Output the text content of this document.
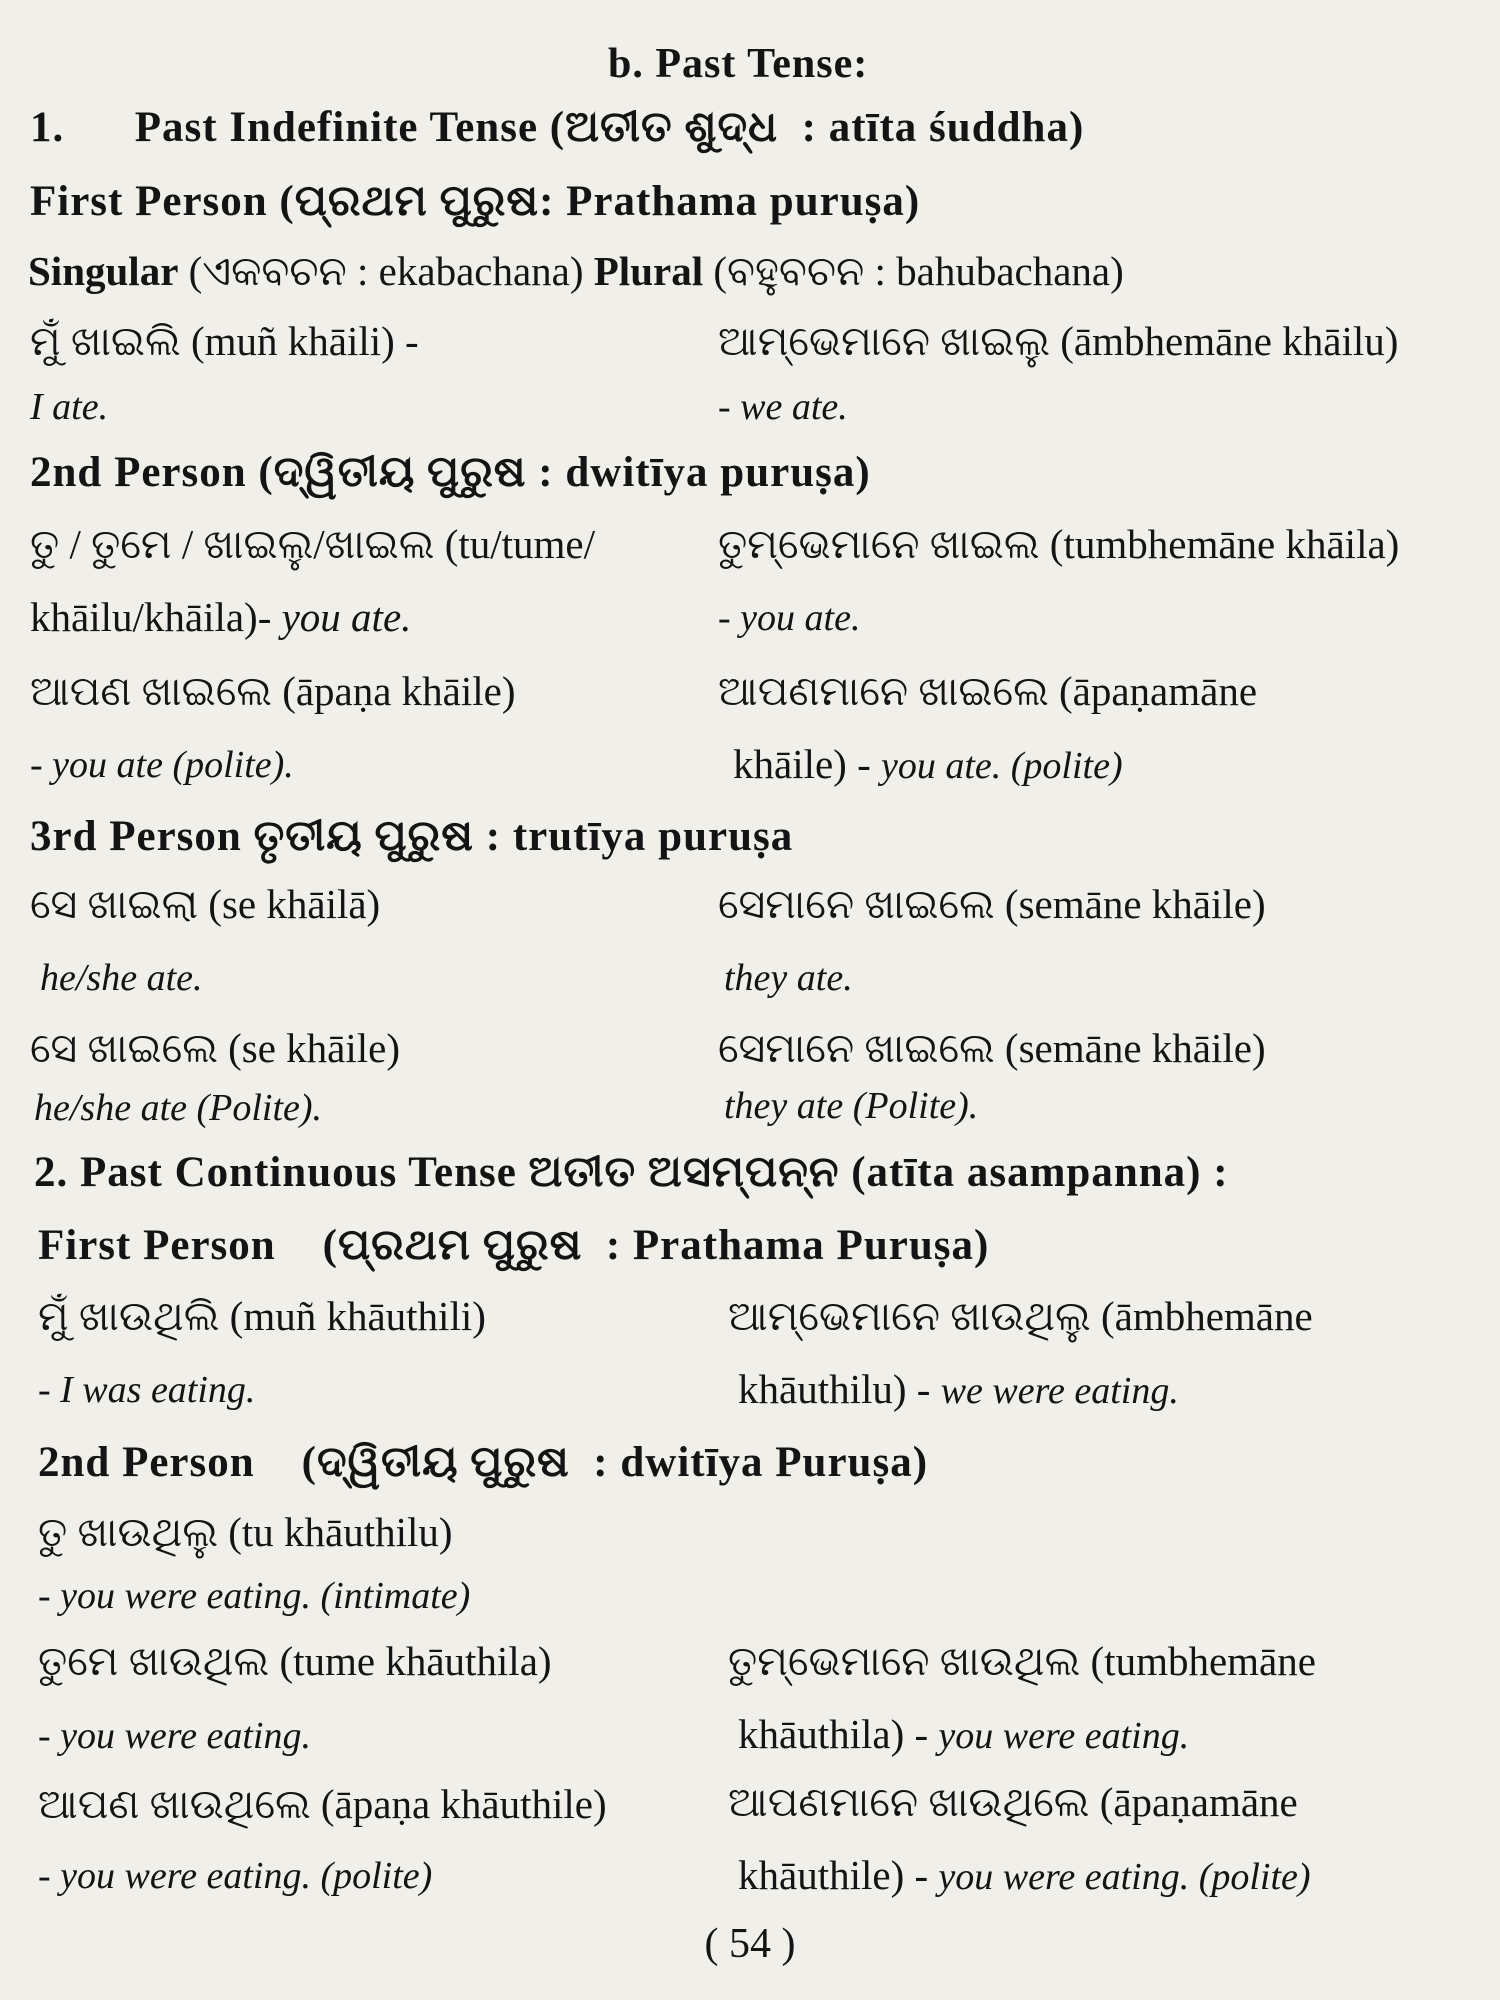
b. Past Tense:
1.      Past Indefinite Tense (ଅତୀତ ଶୁଦ୍ଧ  : atīta śuddha)
First Person (ପ୍ରଥମ ପୁରୁଷ: Prathama puruṣa)
Singular (ଏକବଚନ : ekabachana) Plural (ବହୁବଚନ : bahubachana)
ମୁଁ ଖାଇଲି (muñ khāili) -	ଆମ୍ଭେମାନେ ଖାଇଲୁ (āmbhemāne khāilu)
I ate.	- we ate.
2nd Person (ଦ୍ୱିତୀୟ ପୁରୁଷ : dwitīya puruṣa)
ତୁ / ତୁମେ / ଖାଇଲୁ/ଖାଇଲ (tu/tume/	ତୁମ୍ଭେମାନେ ଖାଇଲ (tumbhemāne khāila)
khāilu/khāila)- you ate.	- you ate.
ଆପଣ ଖାଇଲେ (āpaṇa khāile)	ଆପଣମାନେ ଖାଇଲେ (āpaṇamāne
- you ate (polite).	khāile) - you ate. (polite)
3rd Person ତୃତୀୟ ପୁରୁଷ : trutīya puruṣa
ସେ ଖାଇଲା (se khāilā)	ସେମାନେ ଖାଇଲେ (semāne khāile)
he/she ate.	they ate.
ସେ ଖାଇଲେ (se khāile)	ସେମାନେ ଖାଇଲେ (semāne khāile)
he/she ate (Polite).	they ate (Polite).
2. Past Continuous Tense ଅତୀତ ଅସମ୍ପନ୍ନ (atīta asampanna) :
First Person    (ପ୍ରଥମ ପୁରୁଷ  : Prathama Puruṣa)
ମୁଁ ଖାଉଥିଲି (muñ khāuthili)	ଆମ୍ଭେମାନେ ଖାଉଥିଲୁ (āmbhemāne
- I was eating.	khāuthilu) - we were eating.
2nd Person    (ଦ୍ୱିତୀୟ ପୁରୁଷ  : dwitīya Puruṣa)
ତୁ ଖାଉଥିଲୁ (tu khāuthilu)
- you were eating. (intimate)
ତୁମେ ଖାଉଥିଲ (tume khāuthila)	ତୁମ୍ଭେମାନେ ଖାଉଥିଲ (tumbhemāne
- you were eating.	khāuthila) - you were eating.
ଆପଣ ଖାଉଥିଲେ (āpaṇa khāuthile)	ଆପଣମାନେ ଖାଉଥିଲେ (āpaṇamāne
- you were eating. (polite)	khāuthile) - you were eating. (polite)
( 54 )
